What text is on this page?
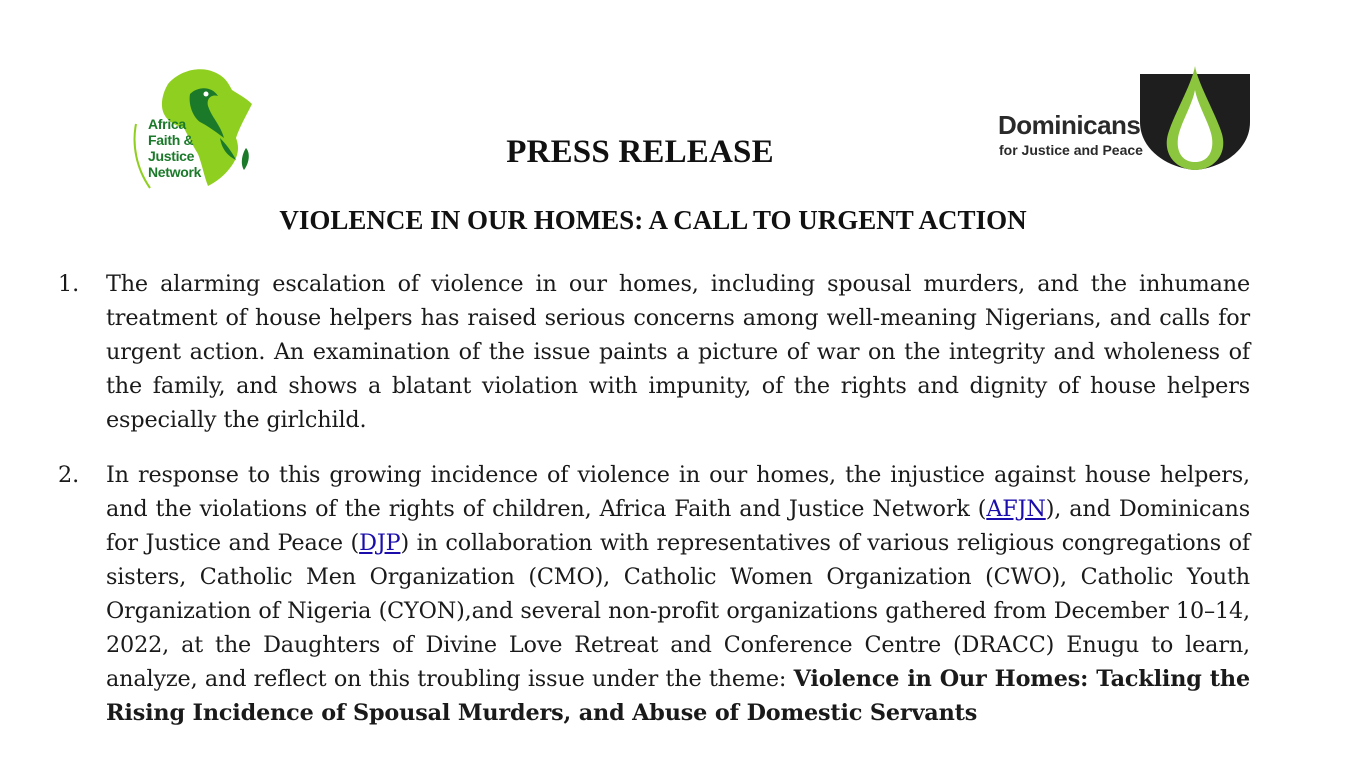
Africa
Faith &
Justice
Network
Dominicans
for Justice and Peace
PRESS RELEASE
VIOLENCE IN OUR HOMES: A CALL TO URGENT ACTION
1. The alarming escalation of violence in our homes, including spousal murders, and the inhumane treatment of house helpers has raised serious concerns among well-meaning Nigerians, and calls for urgent action. An examination of the issue paints a picture of war on the integrity and wholeness of the family, and shows a blatant violation with impunity, of the rights and dignity of house helpers especially the girlchild.
2. In response to this growing incidence of violence in our homes, the injustice against house helpers, and the violations of the rights of children, Africa Faith and Justice Network (AFJN), and Dominicans for Justice and Peace (DJP) in collaboration with representatives of various religious congregations of sisters, Catholic Men Organization (CMO), Catholic Women Organization (CWO), Catholic Youth Organization of Nigeria (CYON),and several non-profit organizations gathered from December 10–14, 2022, at the Daughters of Divine Love Retreat and Conference Centre (DRACC) Enugu to learn, analyze, and reflect on this troubling issue under the theme: Violence in Our Homes: Tackling the Rising Incidence of Spousal Murders, and Abuse of Domestic Servants
